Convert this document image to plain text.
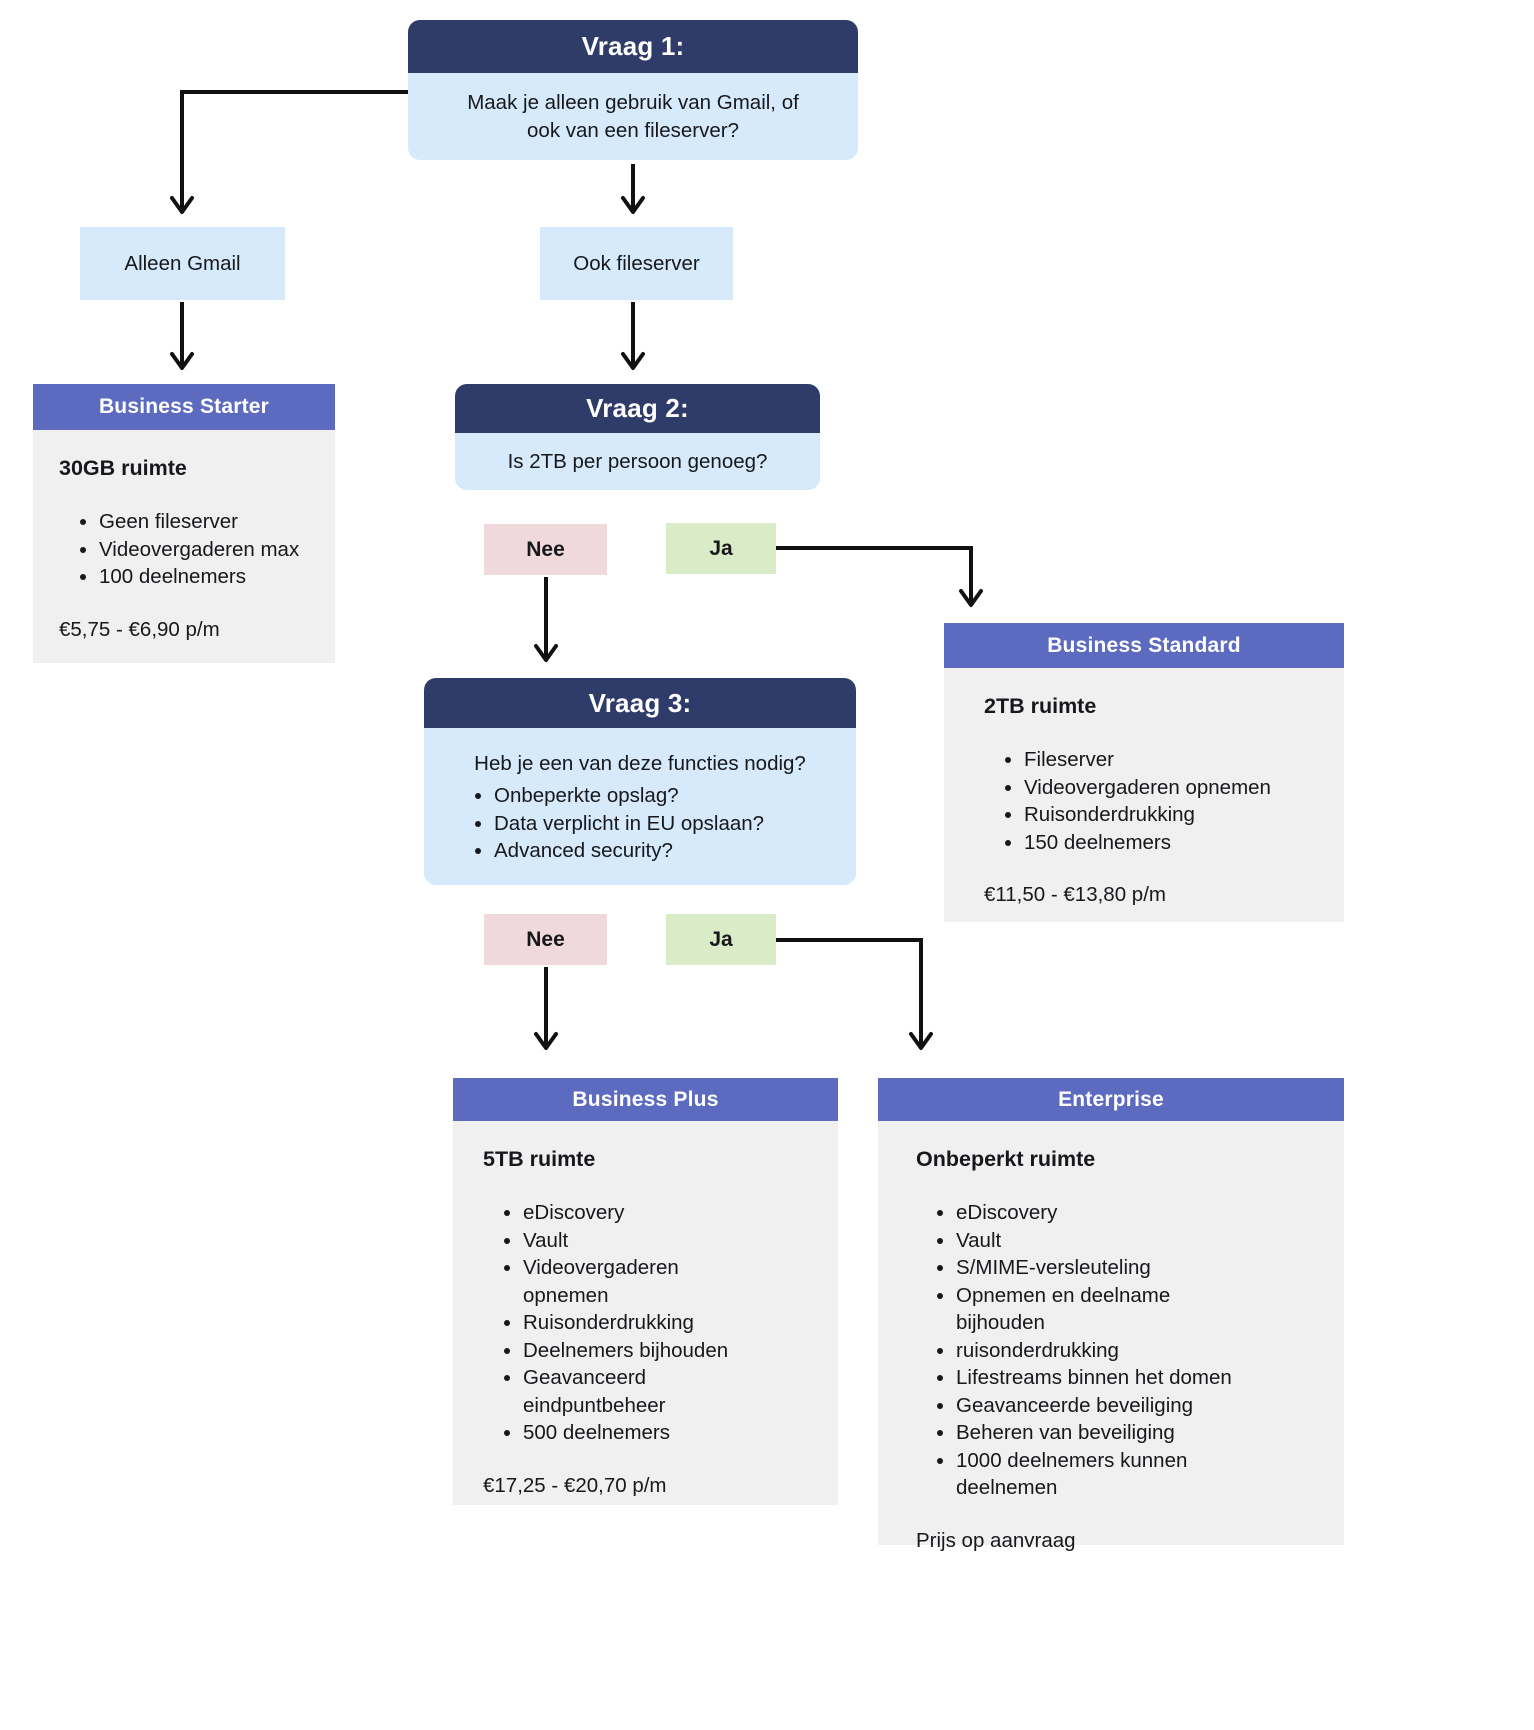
Vraag 1:
Maak je alleen gebruik van Gmail, of ook van een fileserver?
Alleen Gmail	Ook fileserver
Business Starter
30GB ruimte
• Geen fileserver
• Videovergaderen max
• 100 deelnemers
€5,75 - €6,90 p/m
Vraag 2:
Is 2TB per persoon genoeg?
Nee	Ja
Business Standard
2TB ruimte
• Fileserver
• Videovergaderen opnemen
• Ruisonderdrukking
• 150 deelnemers
€11,50 - €13,80 p/m
Vraag 3:
Heb je een van deze functies nodig?
• Onbeperkte opslag?
• Data verplicht in EU opslaan?
• Advanced security?
Nee	Ja
Business Plus
5TB ruimte
• eDiscovery
• Vault
• Videovergaderen opnemen
• Ruisonderdrukking
• Deelnemers bijhouden
• Geavanceerd eindpuntbeheer
• 500 deelnemers
€17,25 - €20,70 p/m
Enterprise
Onbeperkt ruimte
• eDiscovery
• Vault
• S/MIME-versleuteling
• Opnemen en deelname bijhouden
• ruisonderdrukking
• Lifestreams binnen het domen
• Geavanceerde beveiliging
• Beheren van beveiliging
• 1000 deelnemers kunnen deelnemen
Prijs op aanvraag
